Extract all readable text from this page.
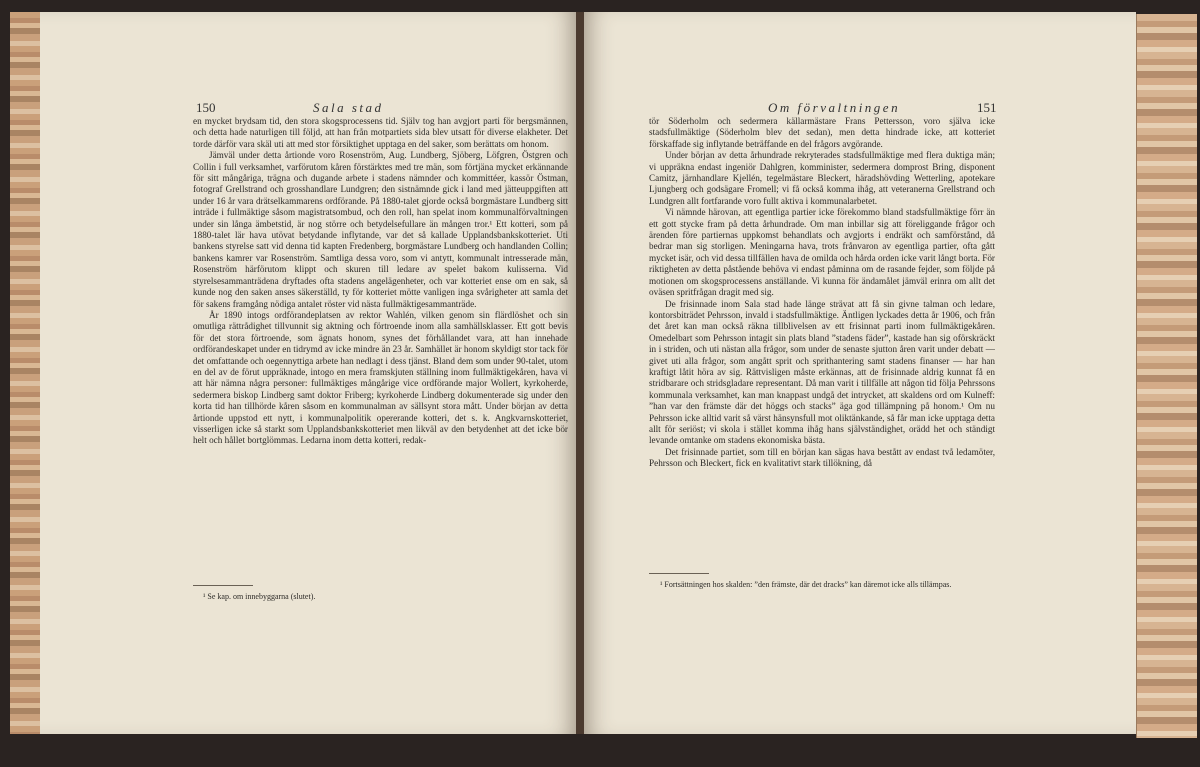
150	Sala stad

en mycket brydsam tid, den stora skogsprocessens tid. Själv tog han avgjort parti för bergsmännen, och detta hade naturligen till följd, att han från motpartiets sida blev utsatt för diverse elakheter. Det torde därför vara skäl uti att med stor försiktighet upptaga en del saker, som berättats om honom.

Jämväl under detta årtionde voro Rosenström, Aug. Lundberg, Sjöberg, Löfgren, Östgren och Collin i full verksamhet, varförutom kåren förstärktes med tre män, som förtjäna mycket erkännande för sitt mångåriga, trägna och dugande arbete i stadens nämnder och kommittéer, kassör Östman, fotograf Grellstrand och grosshandlare Lundgren; den sistnämnde gick i land med jätteuppgiften att under 16 år vara drätselkammarens ordförande. På 1880-talet gjorde också borgmästare Lundberg sitt inträde i fullmäktige såsom magistratsombud, och den roll, han spelat inom kommunalförvaltningen under sin långa ämbetstid, är nog större och betydelsefullare än mången tror.¹ Ett kotteri, som på 1880-talet lär hava utövat betydande inflytande, var det så kallade Upplandsbankskotteriet. Uti bankens styrelse satt vid denna tid kapten Fredenberg, borgmästare Lundberg och handlanden Collin; bankens kamrer var Rosenström. Samtliga dessa voro, som vi antytt, kommunalt intresserade män, Rosenström härförutom klippt och skuren till ledare av spelet bakom kulisserna. Vid styrelsesammanträdena dryftades ofta stadens angelägenheter, och var kotteriet ense om en sak, så kunde nog den saken anses säkerställd, ty för kotteriet mötte vanligen inga svårigheter att samla det för sakens framgång nödiga antalet röster vid nästa fullmäktigesammanträde.

År 1890 intogs ordförandeplatsen av rektor Wahlén, vilken genom sin flärdlöshet och sin omutliga rättrådighet tillvunnit sig aktning och förtroende inom alla samhällsklasser. Ett gott bevis för det stora förtroende, som ägnats honom, synes det förhållandet vara, att han innehade ordförandeskapet under en tidrymd av icke mindre än 23 år. Samhället är honom skyldigt stor tack för det omfattande och oegennyttiga arbete han nedlagt i dess tjänst. Bland dem som under 90-talet, utom en del av de förut uppräknade, intogo en mera framskjuten ställning inom fullmäktigekåren, hava vi att här nämna några personer: fullmäktiges mångårige vice ordförande major Wollert, kyrkoherde, sedermera biskop Lindberg samt doktor Friberg; kyrkoherde Lindberg dokumenterade sig under den korta tid han tillhörde kåren såsom en kommunalman av sällsynt stora mått. Under början av detta årtionde uppstod ett nytt, i kommunalpolitik opererande kotteri, det s. k. Angkvarnskotteriet, visserligen icke så starkt som Upplandsbankskotteriet men likväl av den betydenhet att det icke bör helt och hållet bortglömmas. Ledarna inom detta kotteri, redak-

¹ Se kap. om innebyggarna (slutet).
Om förvaltningen	151

tör Söderholm och sedermera källarmästare Frans Pettersson, voro själva icke stadsfullmäktige (Söderholm blev det sedan), men detta hindrade icke, att kotteriet förskaffade sig inflytande beträffande en del frågors avgörande.

Under början av detta århundrade rekryterades stadsfullmäktige med flera duktiga män; vi uppräkna endast ingeniör Dahlgren, komminister, sedermera domprost Bring, disponent Camitz, järnhandlare Kjellén, tegelmästare Bleckert, häradshövding Wetterling, apotekare Ljungberg och godsägare Fromell; vi få också komma ihåg, att veteranerna Grellstrand och Lundgren allt fortfarande voro fullt aktiva i kommunalarbetet.

Vi nämnde härovan, att egentliga partier icke förekommo bland stadsfullmäktige förr än ett gott stycke fram på detta århundrade. Om man inbillar sig att föreliggande frågor och ärenden före partiernas uppkomst behandlats och avgjorts i endräkt och samförstånd, då bedrar man sig storligen. Meningarna hava, trots frånvaron av egentliga partier, ofta gått mycket isär, och vid dessa tillfällen hava de omilda och hårda orden icke varit långt borta. För riktigheten av detta påstående behöva vi endast påminna om de rasande fejder, som följde på motionen om skogsprocessens anställande. Vi kunna för ändamålet jämväl erinra om allt det oväsen spritfrågan dragit med sig.

De frisinnade inom Sala stad hade länge strävat att få sin givne talman och ledare, kontorsbiträdet Pehrsson, invald i stadsfullmäktige. Äntligen lyckades detta år 1906, och från det året kan man också räkna tillblivelsen av ett frisinnat parti inom fullmäktigekåren. Omedelbart som Pehrsson intagit sin plats bland ”stadens fäder”, kastade han sig oförskräckt in i striden, och uti nästan alla frågor, som under de senaste sjutton åren varit under debatt — givet uti alla frågor, som angått sprit och sprithantering samt stadens finanser — har han kraftigt låtit höra av sig. Rättvisligen måste erkännas, att de frisinnade aldrig kunnat få en stridbarare och stridsgladare representant. Då man varit i tillfälle att någon tid följa Pehrssons kommunala verksamhet, kan man knappast undgå det intrycket, att skaldens ord om Kulneff: ”han var den främste där det höggs och stacks” äga god tillämpning på honom.¹ Om nu Pehrsson icke alltid varit så värst hänsynsfull mot oliktänkande, så får man icke upptaga detta allt för seriöst; vi skola i stället komma ihåg hans självständighet, orädd het och ständigt levande omtanke om stadens ekonomiska bästa.

Det frisinnade partiet, som till en början kan sägas hava bestått av endast två ledamöter, Pehrsson och Bleckert, fick en kvalitativt stark tillökning, då

¹ Fortsättningen hos skalden: ”den främste, där det dracks” kan däremot icke alls tillämpas.
